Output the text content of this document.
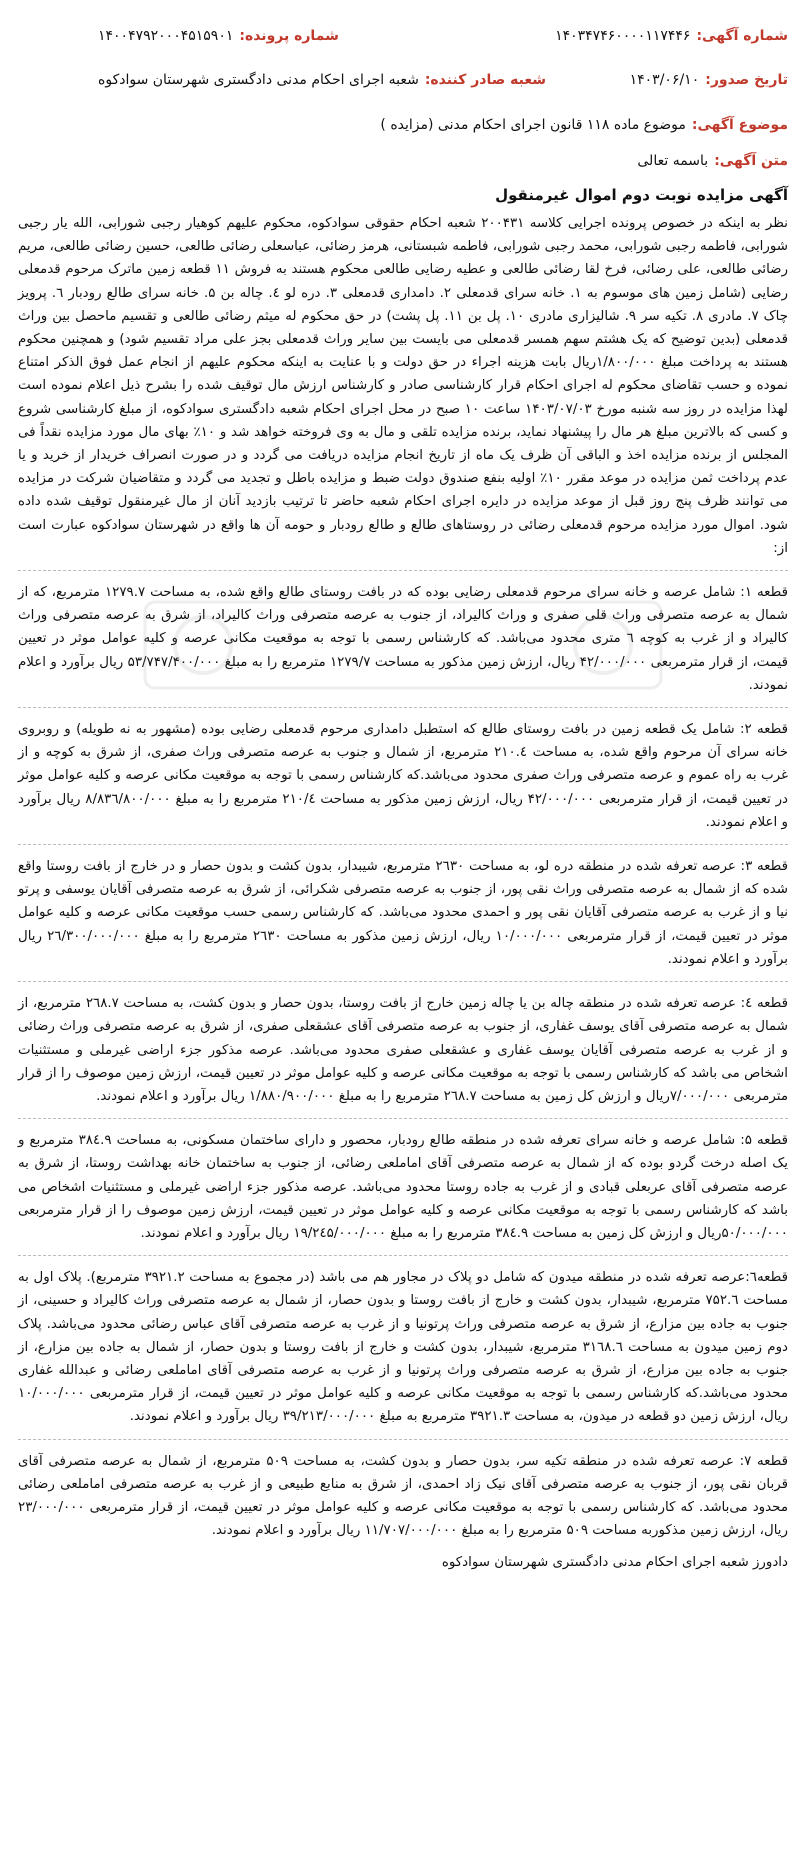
شماره آگهی:
۱۴۰۳۴۷۴۶۰۰۰۰۱۱۷۴۴۶
شماره پرونده:
۱۴۰۰۴۷۹۲۰۰۰۴۵۱۵۹۰۱
تاریخ صدور:
۱۴۰۳/۰۶/۱۰
شعبه صادر کننده:
شعبه اجرای احکام مدنی دادگستری شهرستان سوادکوه
موضوع آگهی:
موضوع ماده ۱۱۸ قانون اجرای احکام مدنی (مزایده )
متن آگهی:
باسمه تعالی
آگهی مزایده نوبت دوم اموال غیرمنقول

نظر به اینکه در خصوص پرونده اجرایی کلاسه ۲۰۰۴۳۱ شعبه احکام حقوقی سوادکوه، محکوم علیهم کوهیار رجبی شورابی، الله یار رجبی شورابی، فاطمه رجبی شورابی، محمد رجبی شورابی، فاطمه شبستانی، هرمز رضائی، عباسعلی رضائی طالعی، حسین رضائی طالعی، مریم رضائی طالعی، علی رضائی، فرخ لقا رضائی طالعی و عطیه رضایی طالعی محکوم هستند به فروش ۱۱ قطعه زمین ماترک مرحوم قدمعلی رضایی (شامل زمین های موسوم به ۱. خانه سرای قدمعلی ۲. دامداری قدمعلی ۳. دره لو ٤. چاله بن ۵. خانه سرای طالع رودبار ٦. پرویز چاک ۷. مادری ۸. تکیه سر ۹. شالیزاری مادری ۱۰. پل بن ۱۱. پل پشت) در حق محکوم له میثم رضائی طالعی و تقسیم ماحصل بین وراث قدمعلی (بدین توضیح که یک هشتم سهم همسر قدمعلی می بایست بین سایر وراث قدمعلی بجز علی مراد تقسیم شود) و همچنین محکوم هستند به پرداخت مبلغ ۱/۸۰۰/۰۰۰ریال بابت هزینه اجراء در حق دولت و با عنایت به اینکه محکوم علیهم از انجام عمل فوق الذکر امتناع نموده و حسب تقاضای محکوم له اجرای احکام قرار کارشناسی صادر و کارشناس ارزش مال توقیف شده را بشرح ذیل اعلام نموده است لهذا مزایده در روز سه شنبه مورخ ۱۴۰۳/۰۷/۰۳ ساعت ۱۰ صبح در محل اجرای احکام شعبه دادگستری سوادکوه، از مبلغ کارشناسی شروع و کسی که بالاترین مبلغ هر مال را پیشنهاد نماید، برنده مزایده تلقی و مال به وی فروخته خواهد شد و ۱۰٪ بهای مال مورد مزایده نقداً فی المجلس از برنده مزایده اخذ و الباقی آن ظرف یک ماه از تاریخ انجام مزایده دریافت می گردد و در صورت انصراف خریدار از خرید و یا عدم پرداخت ثمن مزایده در موعد مقرر ۱۰٪ اولیه بنفع صندوق دولت ضبط و مزایده باطل و تجدید می گردد و متقاضیان شرکت در مزایده می توانند ظرف پنج روز قبل از موعد مزایده در دایره اجرای احکام شعبه حاضر تا ترتیب بازدید آنان از مال غیرمنقول توقیف شده داده شود. اموال مورد مزایده مرحوم قدمعلی رضائی در روستاهای طالع و طالع رودبار و حومه آن ها واقع در شهرستان سوادکوه عبارت است از:

قطعه ۱: شامل عرصه و خانه سرای مرحوم قدمعلی رضایی بوده که در بافت روستای طالع واقع شده، به مساحت ۱۲۷۹.۷ مترمربع، که از شمال به عرصه متصرفی وراث قلی صفری و وراث کالیراد، از جنوب به عرصه متصرفی وراث کالیراد، از شرق به عرصه متصرفی وراث کالیراد و از غرب به کوچه ٦ متری محدود می‌باشد. که کارشناس رسمی با توجه به موقعیت مکانی عرصه و کلیه عوامل موثر در تعیین قیمت، از قرار مترمربعی ۴۲/۰۰۰/۰۰۰ ریال، ارزش زمین مذکور به مساحت ۱۲۷۹/۷ مترمربع را به مبلغ ۵۳/۷۴۷/۴۰۰/۰۰۰ ریال برآورد و اعلام نمودند.

قطعه ۲: شامل یک قطعه زمین در بافت روستای طالع که استطبل دامداری مرحوم قدمعلی رضایی بوده (مشهور به نه طویله) و روبروی خانه سرای آن مرحوم واقع شده، به مساحت ۲۱۰.٤ مترمربع، از شمال و جنوب به عرصه متصرفی وراث صفری، از شرق به کوچه و از غرب به راه عموم و عرصه متصرفی وراث صفری محدود می‌باشد.که کارشناس رسمی با توجه به موقعیت مکانی عرصه و کلیه عوامل موثر در تعیین قیمت، از قرار مترمربعی ۴۲/۰۰۰/۰۰۰ ریال، ارزش زمین مذکور به مساحت ۲۱۰/٤ مترمربع را به مبلغ ۸/۸۳٦/۸۰۰/۰۰۰ ریال برآورد و اعلام نمودند.

قطعه ۳: عرصه تعرفه شده در منطقه دره لو، به مساحت ۲٦۳۰ مترمربع، شیبدار، بدون کشت و بدون حصار و در خارج از بافت روستا واقع شده که از شمال به عرصه متصرفی وراث نقی پور، از جنوب به عرصه متصرفی شکرائی، از شرق به عرصه متصرفی آقایان یوسفی و پرتو نیا و از غرب به عرصه متصرفی آقایان نقی پور و احمدی محدود می‌باشد. که کارشناس رسمی حسب موقعیت مکانی عرصه و کلیه عوامل موثر در تعیین قیمت، از قرار مترمربعی ۱۰/۰۰۰/۰۰۰ ریال، ارزش زمین مذکور به مساحت ۲٦۳۰ مترمربع را به مبلغ ۲٦/۳۰۰/۰۰۰/۰۰۰ ریال برآورد و اعلام نمودند.

قطعه ٤: عرصه تعرفه شده در منطقه چاله بن یا چاله زمین خارج از بافت روستا، بدون حصار و بدون کشت، به مساحت ۲٦۸.۷ مترمربع، از شمال به عرصه متصرفی آقای یوسف غفاری، از جنوب به عرصه متصرفی آقای عشقعلی صفری، از شرق به عرصه متصرفی وراث رضائی و از غرب به عرصه متصرفی آقایان یوسف غفاری و عشقعلی صفری محدود می‌باشد. عرصه مذکور جزء اراضی غیرملی و مستثنیات اشخاص می باشد که کارشناس رسمی با توجه به موقعیت مکانی عرصه و کلیه عوامل موثر در تعیین قیمت، ارزش زمین موصوف را از قرار مترمربعی ۷/۰۰۰/۰۰۰ریال و ارزش کل زمین به مساحت ۲٦۸.۷ مترمربع را به مبلغ ۱/۸۸۰/۹۰۰/۰۰۰ ریال برآورد و اعلام نمودند.

قطعه ۵: شامل عرصه و خانه سرای تعرفه شده در منطقه طالع رودبار، محصور و دارای ساختمان مسکونی، به مساحت ۳۸٤.۹ مترمربع و یک اصله درخت گردو بوده که از شمال به عرصه متصرفی آقای اماملعی رضائی، از جنوب به ساختمان خانه بهداشت روستا، از شرق به عرصه متصرفی آقای عربعلی قبادی و از غرب به جاده روستا محدود می‌باشد. عرصه مذکور جزء اراضی غیرملی و مستثنیات اشخاص می باشد که کارشناس رسمی با توجه به موقعیت مکانی عرصه و کلیه عوامل موثر در تعیین قیمت، ارزش زمین موصوف را از قرار مترمربعی ۵۰/۰۰۰/۰۰۰ریال و ارزش کل زمین به مساحت ۳۸٤.۹ مترمربع را به مبلغ ۱۹/۲٤۵/۰۰۰/۰۰۰ ریال برآورد و اعلام نمودند.

قطعه٦:عرصه تعرفه شده در منطقه میدون که شامل دو پلاک در مجاور هم می باشد (در مجموع به مساحت ۳۹۲۱.۲ مترمربع). پلاک اول به مساحت ۷۵۲.٦ مترمربع، شیبدار، بدون کشت و خارج از بافت روستا و بدون حصار، از شمال به عرصه متصرفی وراث کالیراد و حسینی، از جنوب به جاده بین مزارع، از شرق به عرصه متصرفی وراث پرتونیا و از غرب به عرصه متصرفی آقای عباس رضائی محدود می‌باشد. پلاک دوم زمین میدون به مساحت ۳۱٦۸.٦ مترمربع، شیبدار، بدون کشت و خارج از بافت روستا و بدون حصار، از شمال به جاده بین مزارع، از جنوب به جاده بین مزارع، از شرق به عرصه متصرفی وراث پرتونیا و از غرب به عرصه متصرفی آقای اماملعی رضائی و عبدالله غفاری محدود می‌باشد.که کارشناس رسمی با توجه به موقعیت مکانی عرصه و کلیه عوامل موثر در تعیین قیمت، از قرار مترمربعی ۱۰/۰۰۰/۰۰۰ ریال، ارزش زمین دو قطعه در میدون، به مساحت ۳۹۲۱.۳ مترمربع به مبلغ ۳۹/۲۱۳/۰۰۰/۰۰۰ ریال برآورد و اعلام نمودند.

قطعه ۷: عرصه تعرفه شده در منطقه تکیه سر، بدون حصار و بدون کشت، به مساحت ۵۰۹ مترمربع، از شمال به عرصه متصرفی آقای قربان نقی پور، از جنوب به عرصه متصرفی آقای نیک زاد احمدی، از شرق به منابع طبیعی و از غرب به عرصه متصرفی اماملعی رضائی محدود می‌باشد. که کارشناس رسمی با توجه به موقعیت مکانی عرصه و کلیه عوامل موثر در تعیین قیمت، از قرار مترمربعی ۲۳/۰۰۰/۰۰۰ ریال، ارزش زمین مذکوربه مساحت ۵۰۹ مترمربع را به مبلغ ۱۱/۷۰۷/۰۰۰/۰۰۰ ریال برآورد و اعلام نمودند.

دادورز شعبه اجرای احکام مدنی دادگستری شهرستان سوادکوه
